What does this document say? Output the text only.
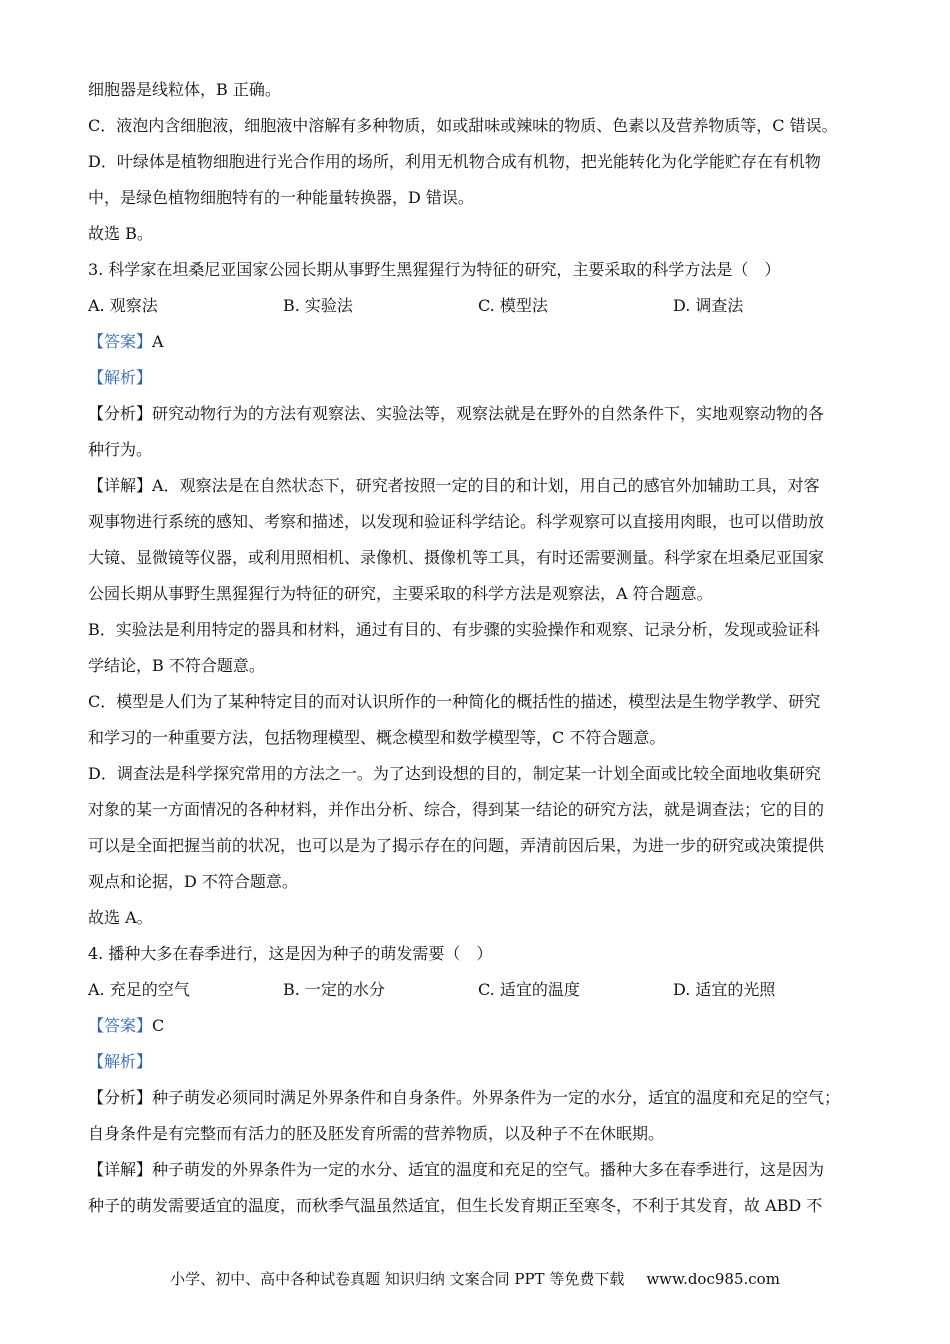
细胞器是线粒体，B 正确。
C．液泡内含细胞液，细胞液中溶解有多种物质，如或甜味或辣味的物质、色素以及营养物质等，C 错误。
D．叶绿体是植物细胞进行光合作用的场所，利用无机物合成有机物，把光能转化为化学能贮存在有机物
中，是绿色植物细胞特有的一种能量转换器，D 错误。
故选 B。
3. 科学家在坦桑尼亚国家公园长期从事野生黑猩猩行为特征的研究，主要采取的科学方法是（　）
A. 观察法	B. 实验法	C. 模型法	D. 调查法
【答案】A
【解析】
【分析】研究动物行为的方法有观察法、实验法等，观察法就是在野外的自然条件下，实地观察动物的各
种行为。
【详解】A．观察法是在自然状态下，研究者按照一定的目的和计划，用自己的感官外加辅助工具，对客
观事物进行系统的感知、考察和描述，以发现和验证科学结论。科学观察可以直接用肉眼，也可以借助放
大镜、显微镜等仪器，或利用照相机、录像机、摄像机等工具，有时还需要测量。科学家在坦桑尼亚国家
公园长期从事野生黑猩猩行为特征的研究，主要采取的科学方法是观察法，A 符合题意。
B．实验法是利用特定的器具和材料，通过有目的、有步骤的实验操作和观察、记录分析，发现或验证科
学结论，B 不符合题意。
C．模型是人们为了某种特定目的而对认识所作的一种简化的概括性的描述，模型法是生物学教学、研究
和学习的一种重要方法，包括物理模型、概念模型和数学模型等，C 不符合题意。
D．调查法是科学探究常用的方法之一。为了达到设想的目的，制定某一计划全面或比较全面地收集研究
对象的某一方面情况的各种材料，并作出分析、综合，得到某一结论的研究方法，就是调查法；它的目的
可以是全面把握当前的状况，也可以是为了揭示存在的问题，弄清前因后果，为进一步的研究或决策提供
观点和论据，D 不符合题意。
故选 A。
4. 播种大多在春季进行，这是因为种子的萌发需要（　）
A. 充足的空气	B. 一定的水分	C. 适宜的温度	D. 适宜的光照
【答案】C
【解析】
【分析】种子萌发必须同时满足外界条件和自身条件。外界条件为一定的水分，适宜的温度和充足的空气；
自身条件是有完整而有活力的胚及胚发育所需的营养物质，以及种子不在休眠期。
【详解】种子萌发的外界条件为一定的水分、适宜的温度和充足的空气。播种大多在春季进行，这是因为
种子的萌发需要适宜的温度，而秋季气温虽然适宜，但生长发育期正至寒冬，不利于其发育，故 ABD 不
小学、初中、高中各种试卷真题 知识归纳 文案合同 PPT 等免费下载 www.doc985.com
